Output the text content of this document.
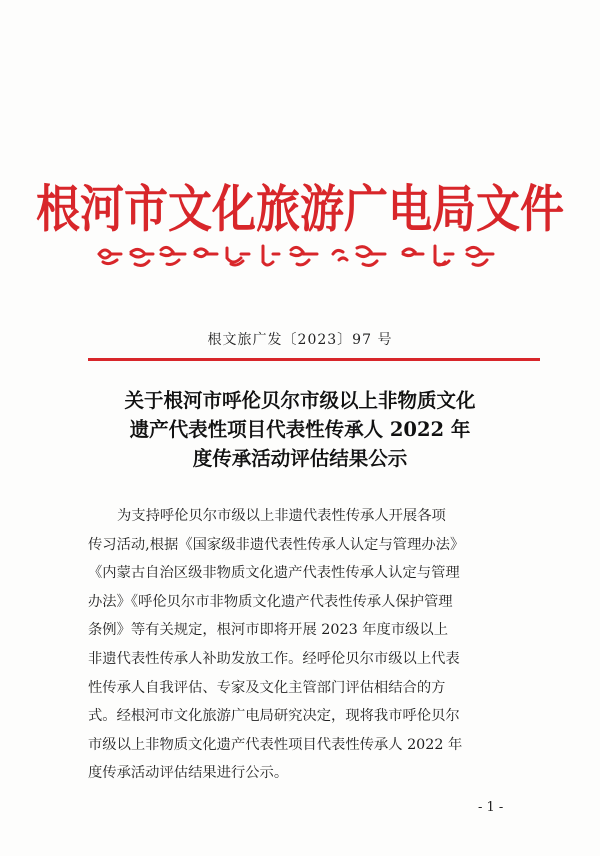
根河市文化旅游广电局文件
根文旅广发〔2023〕97 号
关于根河市呼伦贝尔市级以上非物质文化
遗产代表性项目代表性传承人 2022 年
度传承活动评估结果公示
为支持呼伦贝尔市级以上非遗代表性传承人开展各项
传习活动,根据《国家级非遗代表性传承人认定与管理办法》
《内蒙古自治区级非物质文化遗产代表性传承人认定与管理
办法》《呼伦贝尔市非物质文化遗产代表性传承人保护管理
条例》等有关规定，根河市即将开展 2023 年度市级以上
非遗代表性传承人补助发放工作。经呼伦贝尔市级以上代表
性传承人自我评估、专家及文化主管部门评估相结合的方
式。经根河市文化旅游广电局研究决定，现将我市呼伦贝尔
市级以上非物质文化遗产代表性项目代表性传承人 2022 年
度传承活动评估结果进行公示。
- 1 -
